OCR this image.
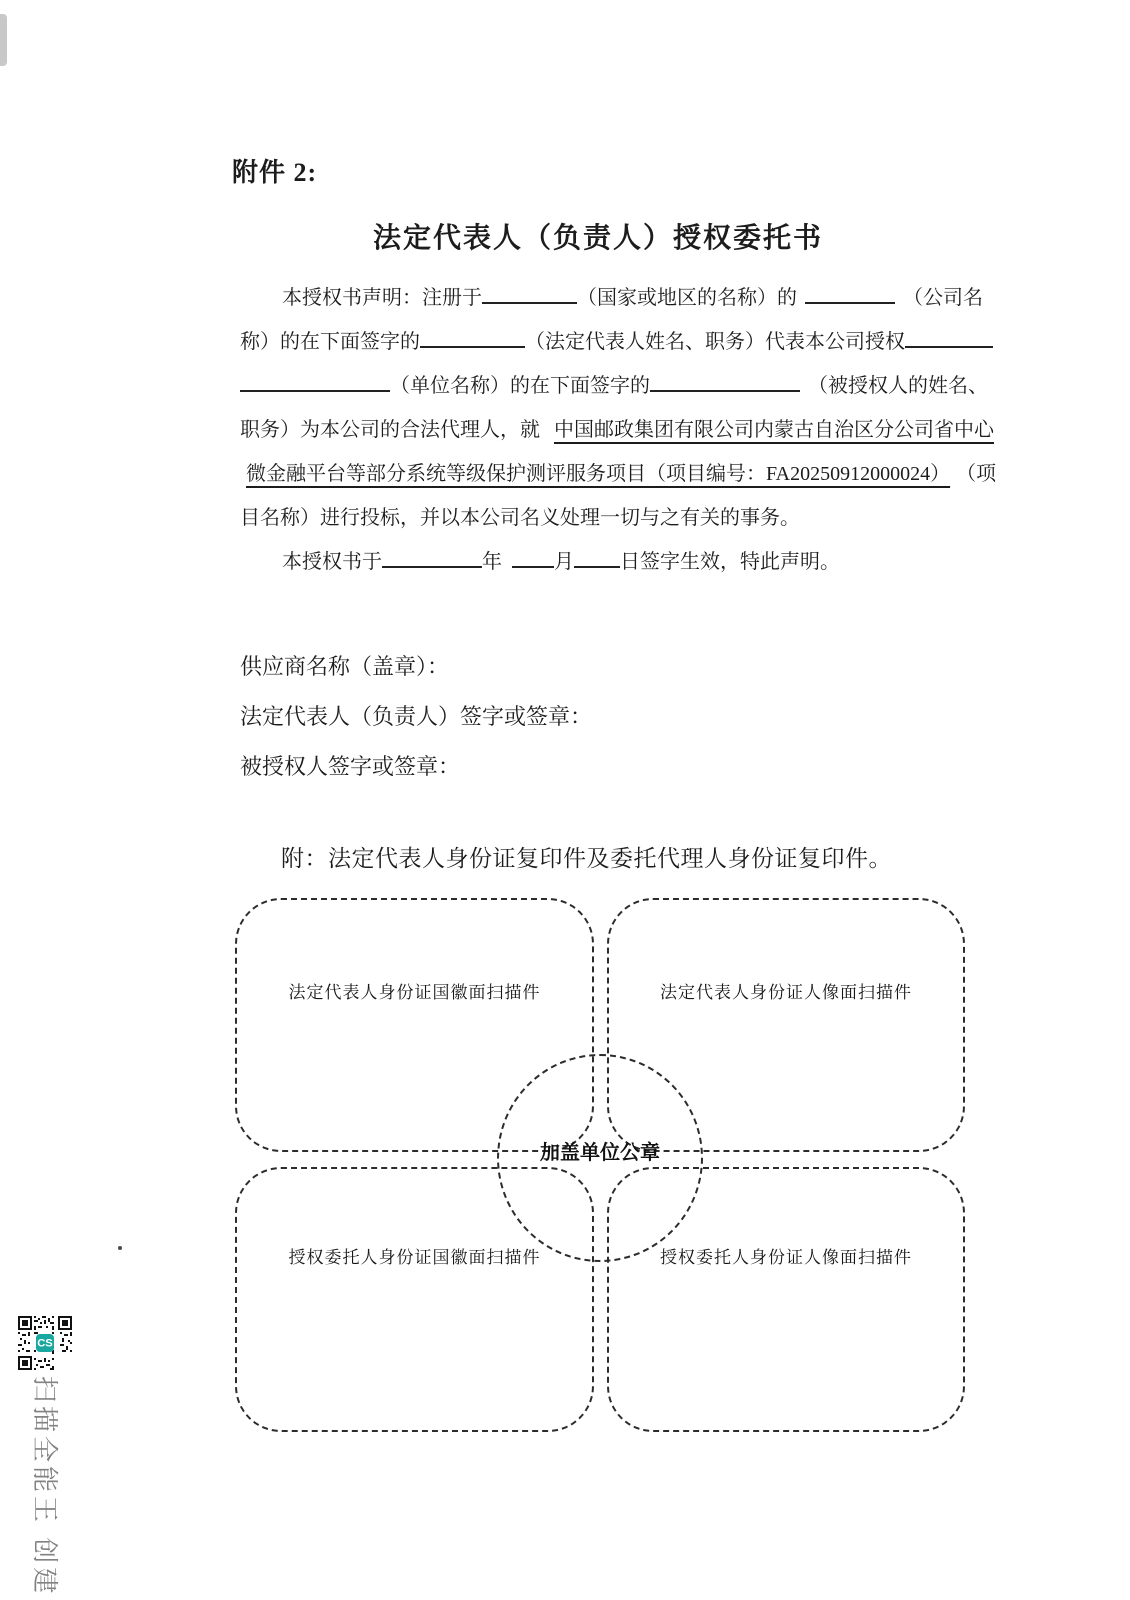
附件 2:
法定代表人（负责人）授权委托书
本授权书声明：注册于	（国家或地区的名称）的	（公司名
称）的在下面签字的	（法定代表人姓名、职务）代表本公司授权
（单位名称）的在下面签字的	（被授权人的姓名、
职务）为本公司的合法代理人，就 中国邮政集团有限公司内蒙古自治区分公司省中心
微金融平台等部分系统等级保护测评服务项目（项目编号：FA20250912000024） （项
目名称）进行投标，并以本公司名义处理一切与之有关的事务。
本授权书于	年	月 日签字生效，特此声明。
供应商名称（盖章）：
法定代表人（负责人）签字或签章：
被授权人签字或签章：
附：法定代表人身份证复印件及委托代理人身份证复印件。
法定代表人身份证国徽面扫描件	法定代表人身份证人像面扫描件
授权委托人身份证国徽面扫描件	授权委托人身份证人像面扫描件
加盖单位公章
CS
扫描全能王 创建
